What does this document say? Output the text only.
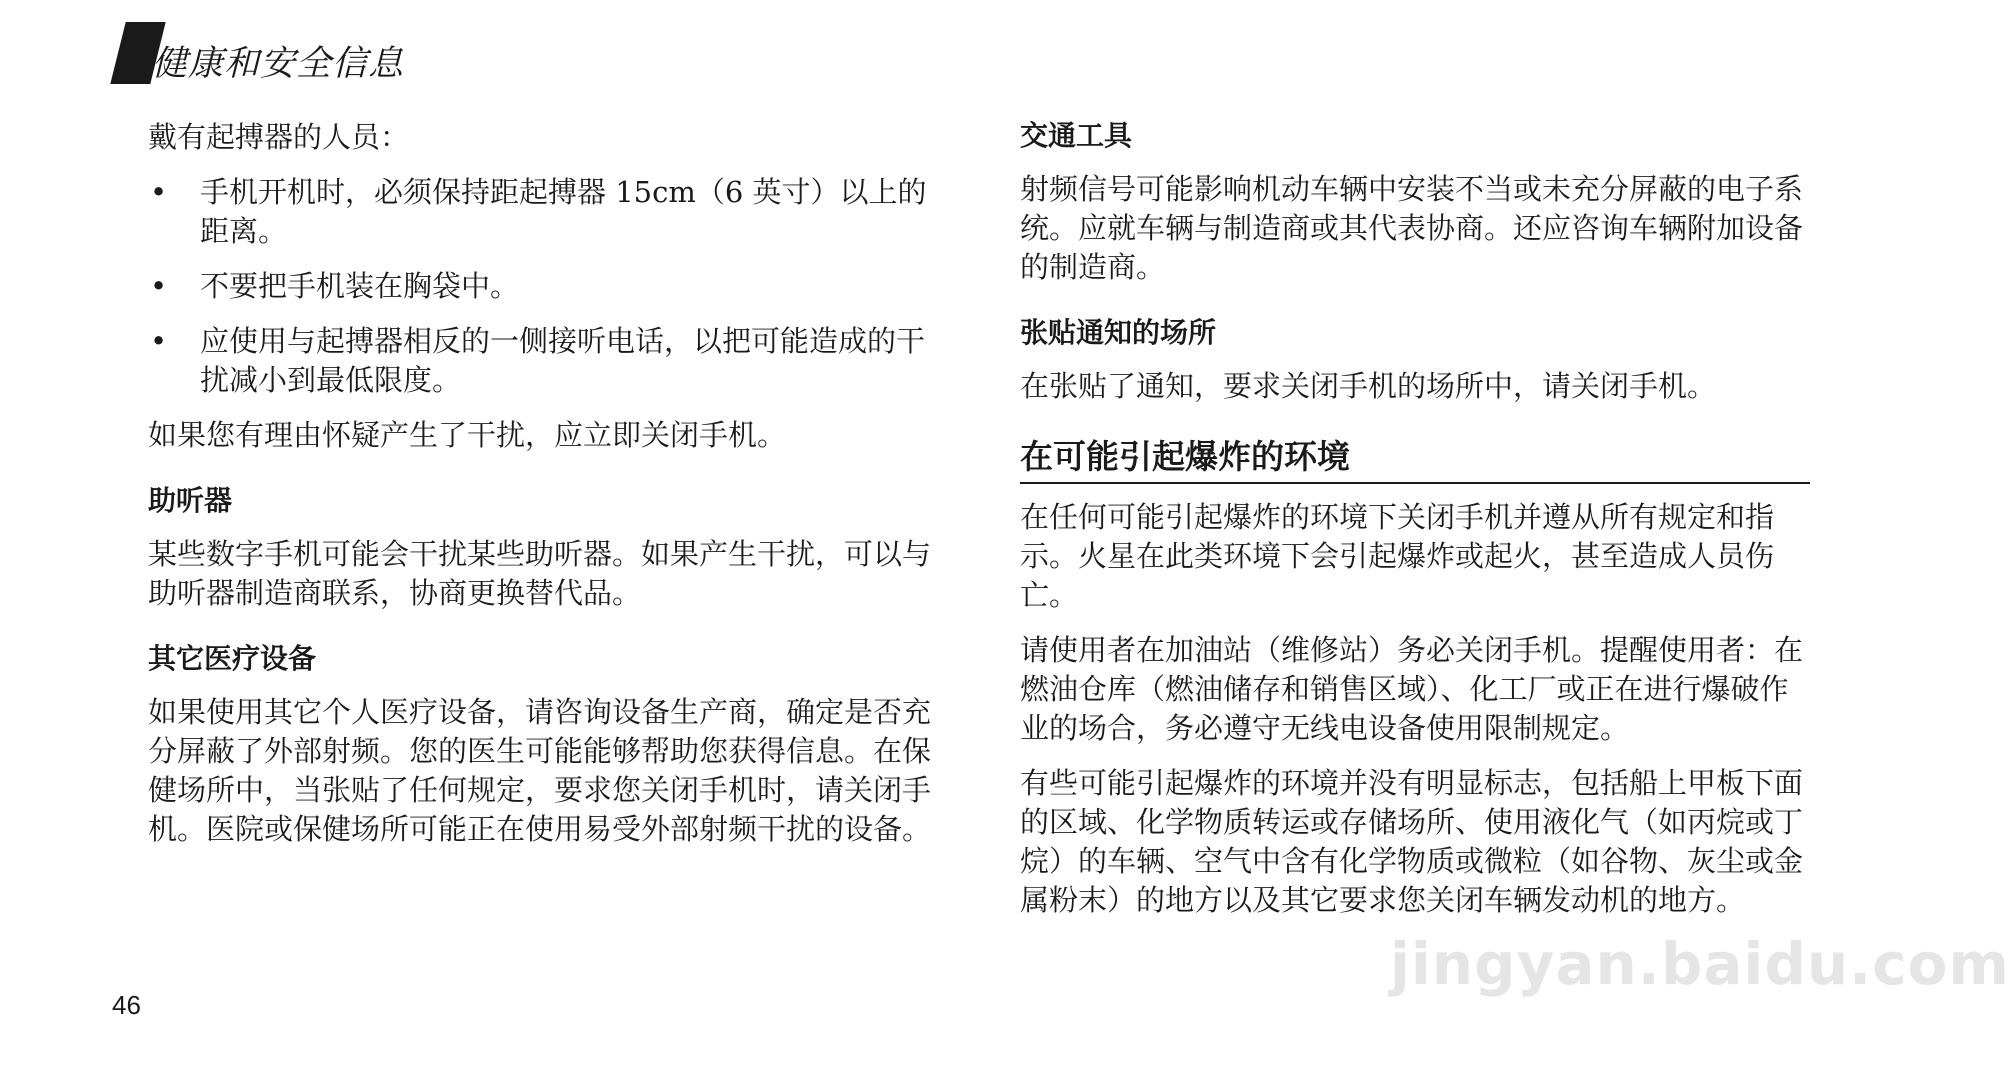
健康和安全信息

戴有起搏器的人员：

• 手机开机时，必须保持距起搏器 15cm（6 英寸）以上的距离。
• 不要把手机装在胸袋中。
• 应使用与起搏器相反的一侧接听电话，以把可能造成的干扰减小到最低限度。

如果您有理由怀疑产生了干扰，应立即关闭手机。

助听器

某些数字手机可能会干扰某些助听器。如果产生干扰，可以与助听器制造商联系，协商更换替代品。

其它医疗设备

如果使用其它个人医疗设备，请咨询设备生产商，确定是否充分屏蔽了外部射频。您的医生可能能够帮助您获得信息。在保健场所中，当张贴了任何规定，要求您关闭手机时，请关闭手机。医院或保健场所可能正在使用易受外部射频干扰的设备。

交通工具

射频信号可能影响机动车辆中安装不当或未充分屏蔽的电子系统。应就车辆与制造商或其代表协商。还应咨询车辆附加设备的制造商。

张贴通知的场所

在张贴了通知，要求关闭手机的场所中，请关闭手机。

在可能引起爆炸的环境

在任何可能引起爆炸的环境下关闭手机并遵从所有规定和指示。火星在此类环境下会引起爆炸或起火，甚至造成人员伤亡。

请使用者在加油站（维修站）务必关闭手机。提醒使用者：在燃油仓库（燃油储存和销售区域）、化工厂或正在进行爆破作业的场合，务必遵守无线电设备使用限制规定。

有些可能引起爆炸的环境并没有明显标志，包括船上甲板下面的区域、化学物质转运或存储场所、使用液化气（如丙烷或丁烷）的车辆、空气中含有化学物质或微粒（如谷物、灰尘或金属粉末）的地方以及其它要求您关闭车辆发动机的地方。

46
jingyan.baidu.com
